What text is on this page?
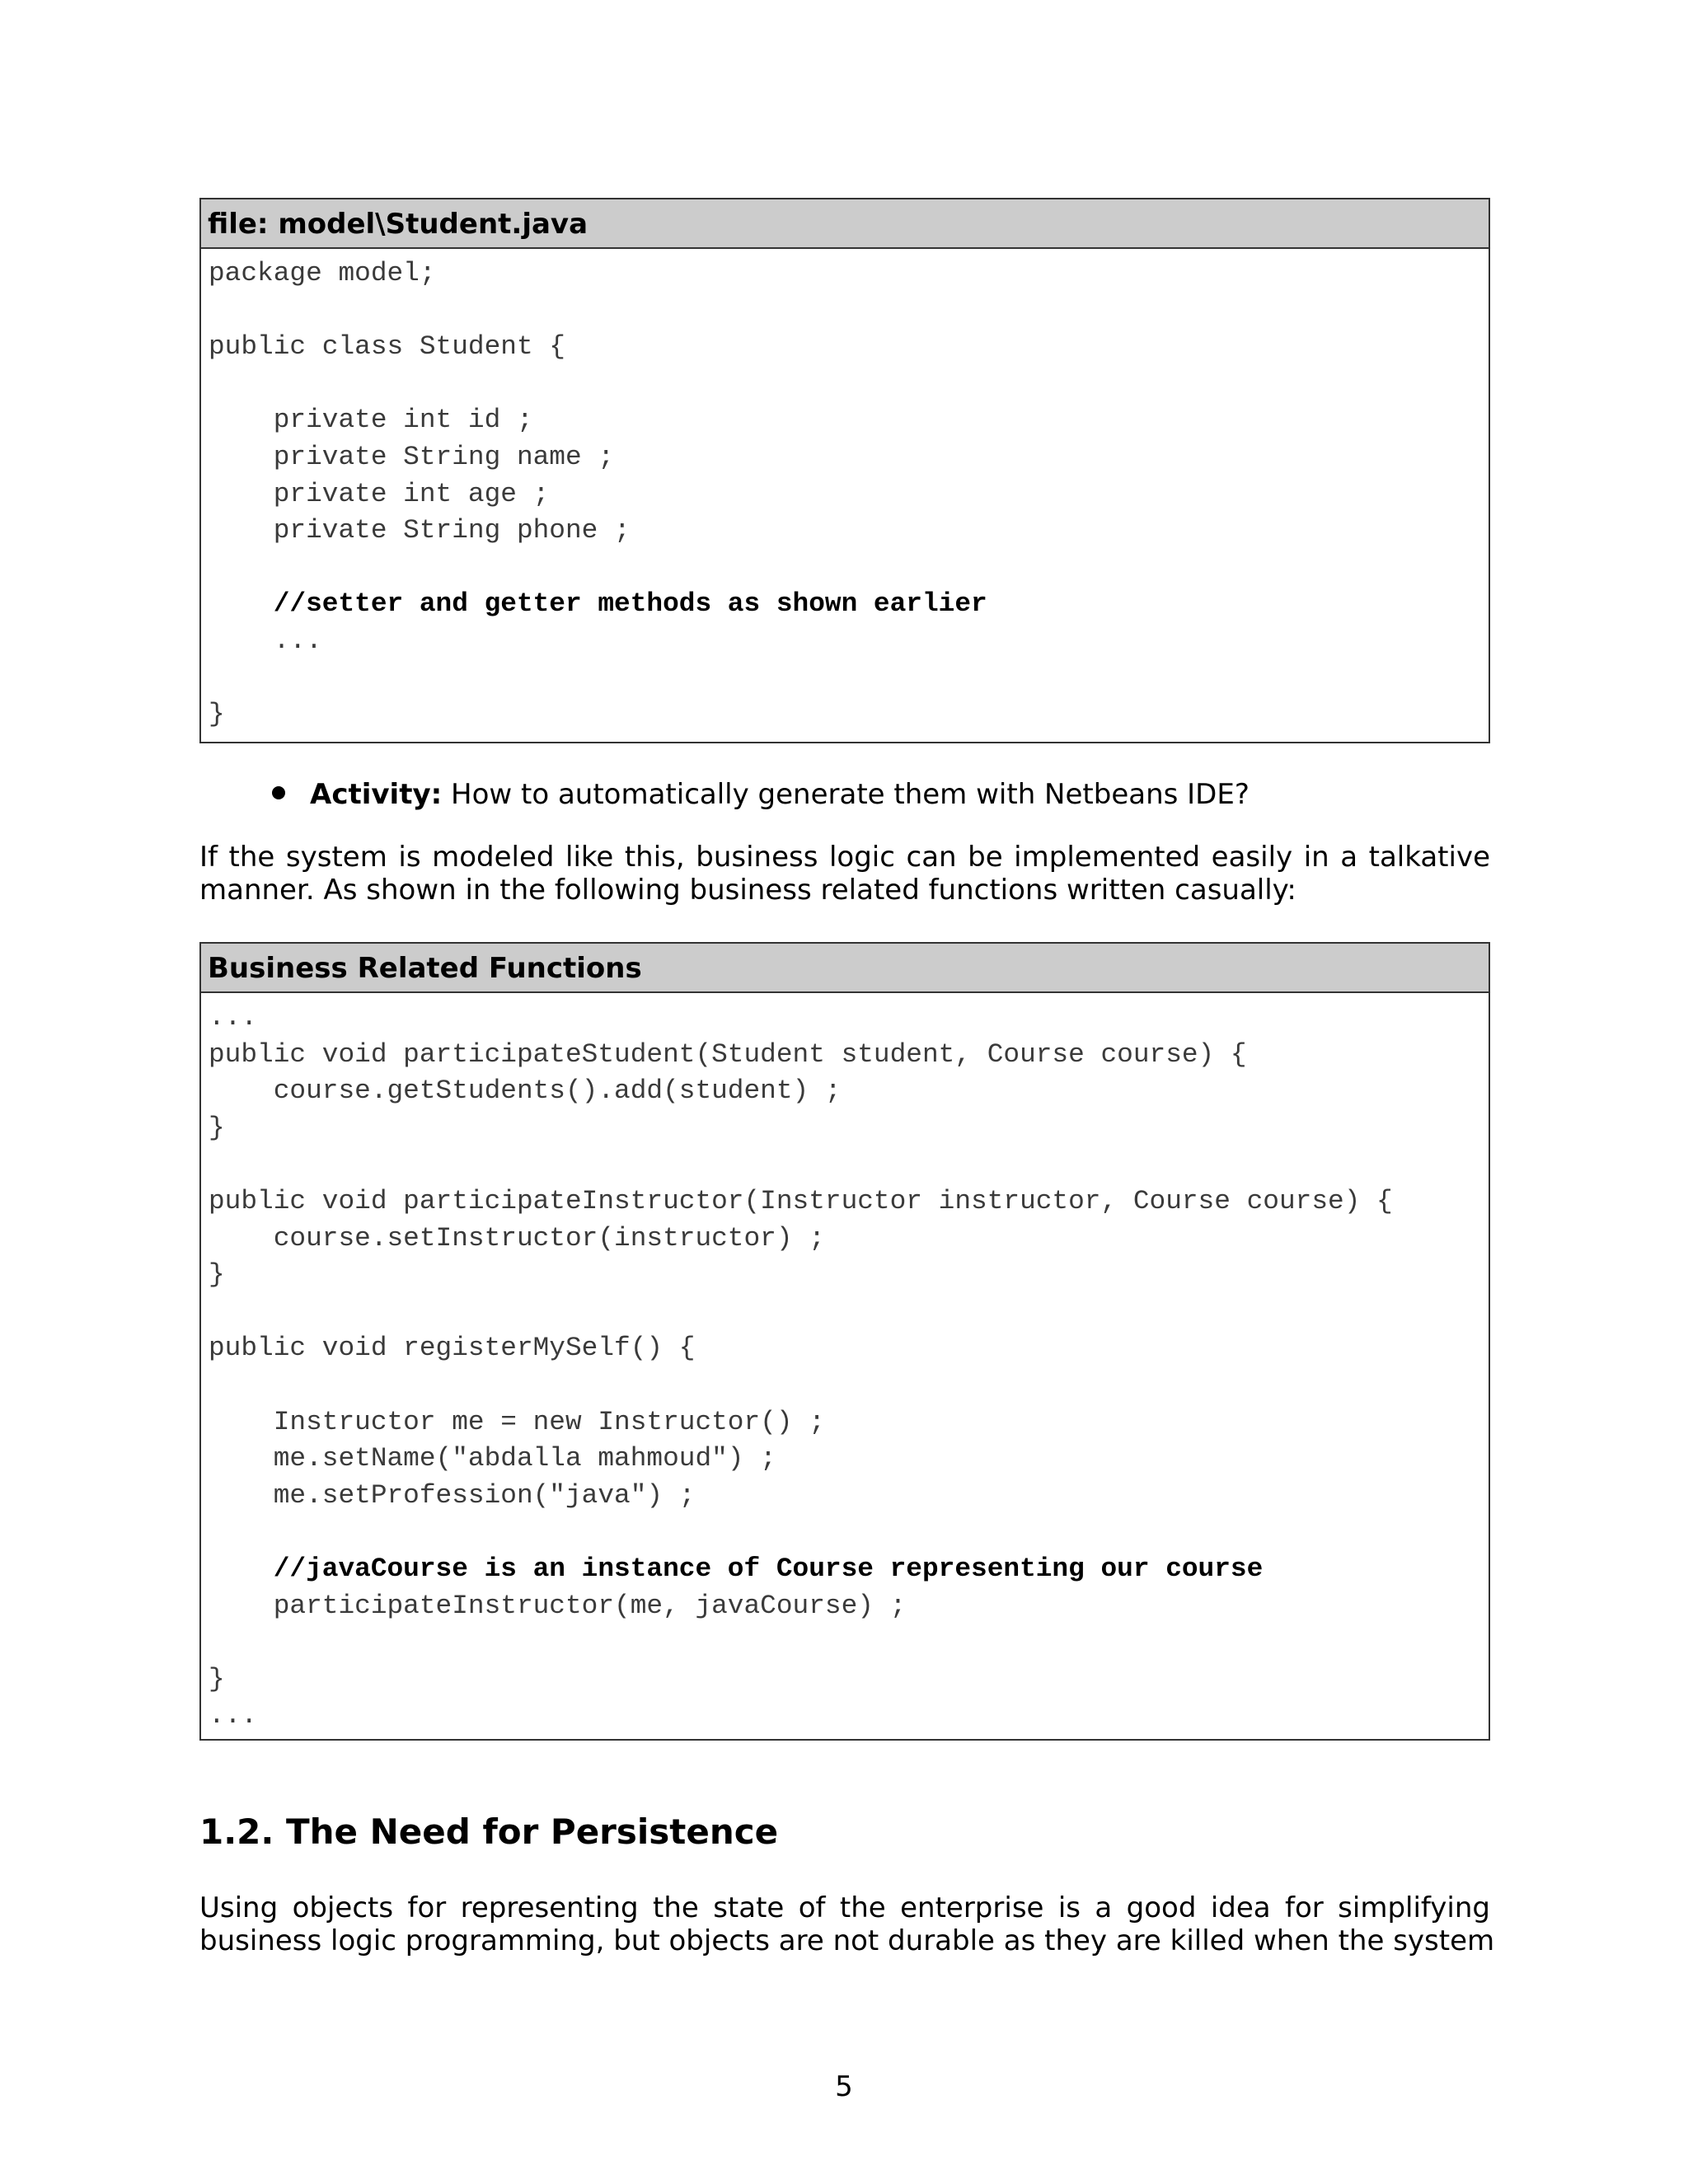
file: model\Student.java
package model;
public class Student {
private int id ;
private String name ;
private int age ;
private String phone ;
//setter and getter methods as shown earlier
...
}
Activity: How to automatically generate them with Netbeans IDE?
If the system is modeled like this, business logic can be implemented easily in a talkative
manner. As shown in the following business related functions written casually:
Business Related Functions
...
public void participateStudent(Student student, Course course) {
course.getStudents().add(student) ;
}
public void participateInstructor(Instructor instructor, Course course) {
course.setInstructor(instructor) ;
}
public void registerMySelf() {
Instructor me = new Instructor() ;
me.setName("abdalla mahmoud") ;
me.setProfession("java") ;
//javaCourse is an instance of Course representing our course
participateInstructor(me, javaCourse) ;
}
...
1.2. The Need for Persistence
Using objects for representing the state of the enterprise is a good idea for simplifying
business logic programming, but objects are not durable as they are killed when the system
5
